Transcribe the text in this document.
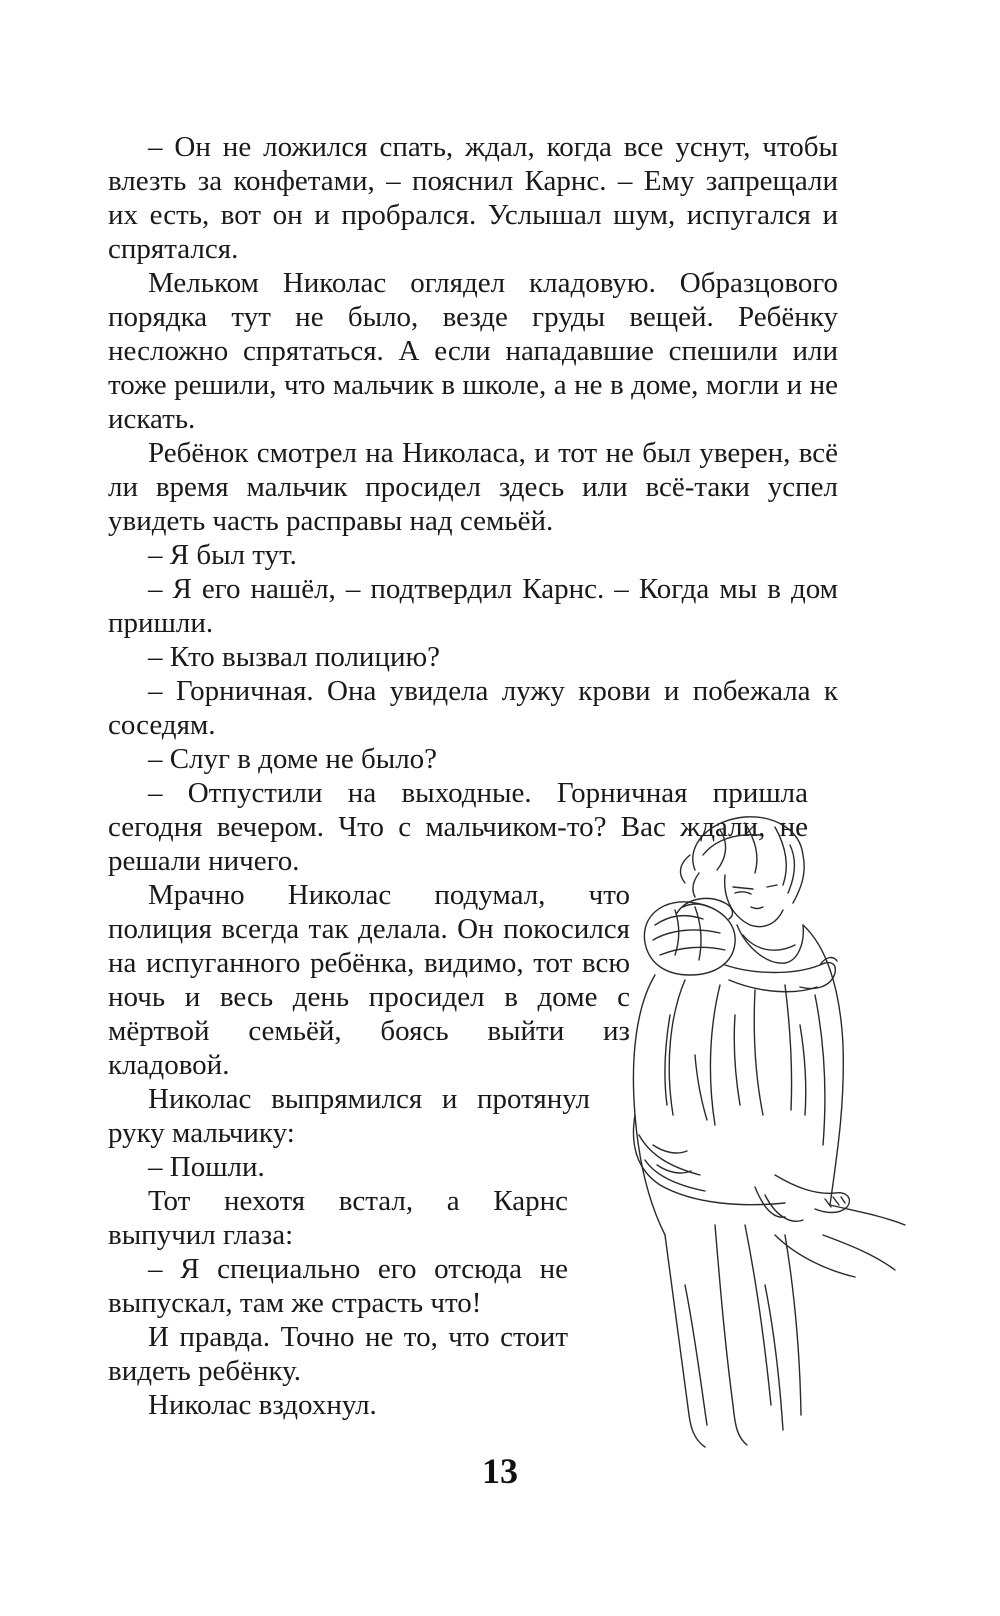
– Он не ложился спать, ждал, когда все уснут, чтобы влезть за конфетами, – пояснил Карнс. – Ему запрещали их есть, вот он и пробрался. Услышал шум, испугался и спрятался.

Мельком Николас оглядел кладовую. Образцового порядка тут не было, везде груды вещей. Ребёнку несложно спрятаться. А если нападавшие спешили или тоже решили, что мальчик в школе, а не в доме, могли и не искать.

Ребёнок смотрел на Николаса, и тот не был уверен, всё ли время мальчик просидел здесь или всё-таки успел увидеть часть расправы над семьёй.

– Я был тут.

– Я его нашёл, – подтвердил Карнс. – Когда мы в дом пришли.

– Кто вызвал полицию?

– Горничная. Она увидела лужу крови и побежала к соседям.

– Слуг в доме не было?

– Отпустили на выходные. Горничная пришла сегодня вечером. Что с мальчиком-то? Вас ждали, не решали ничего.

Мрачно Николас подумал, что полиция всегда так делала. Он покосился на испуганного ребёнка, видимо, тот всю ночь и весь день просидел в доме с мёртвой семьёй, боясь выйти из кладовой.

Николас выпрямился и протянул руку мальчику:

– Пошли.

Тот нехотя встал, а Карнс выпучил глаза:

– Я специально его отсюда не выпускал, там же страсть что!

И правда. Точно не то, что стоит видеть ребёнку.

Николас вздохнул.

13
